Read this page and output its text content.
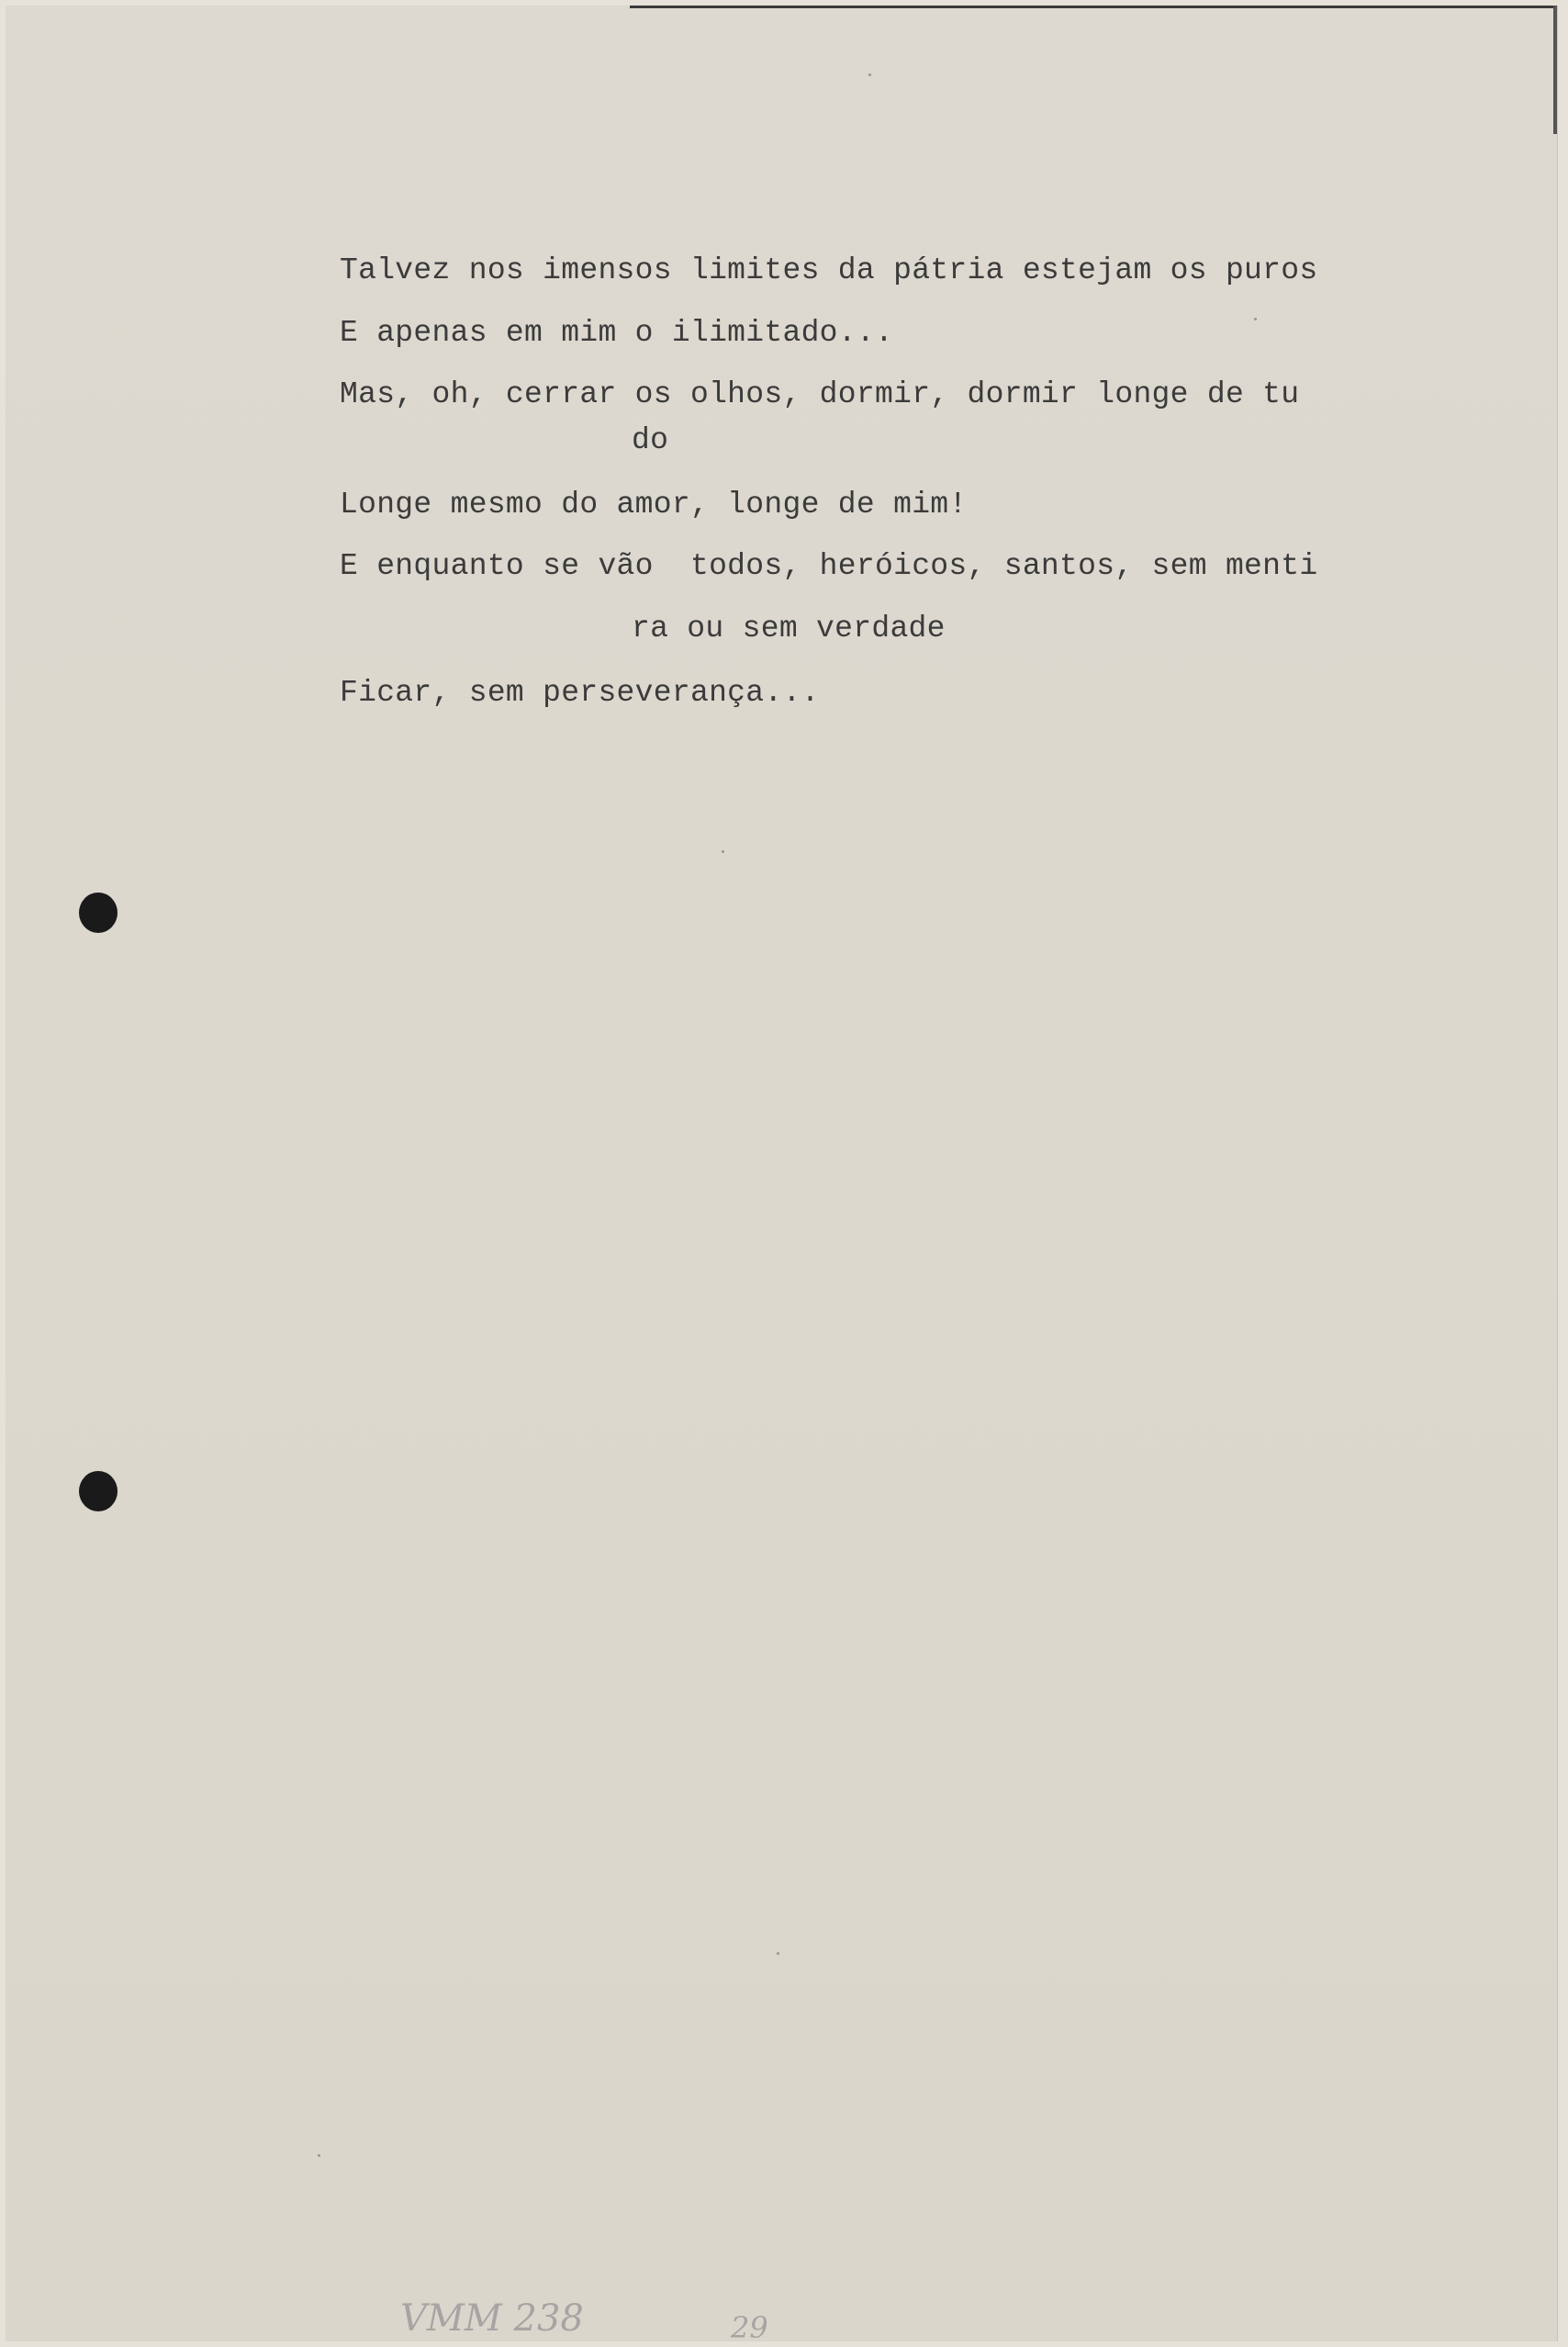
Talvez nos imensos limites da pátria estejam os puros
E apenas em mim o ilimitado...
Mas, oh, cerrar os olhos, dormir, dormir longe de tu
do
Longe mesmo do amor, longe de mim!
E enquanto se vão  todos, heróicos, santos, sem menti
ra ou sem verdade
Ficar, sem perseverança...
VMM 238	29
